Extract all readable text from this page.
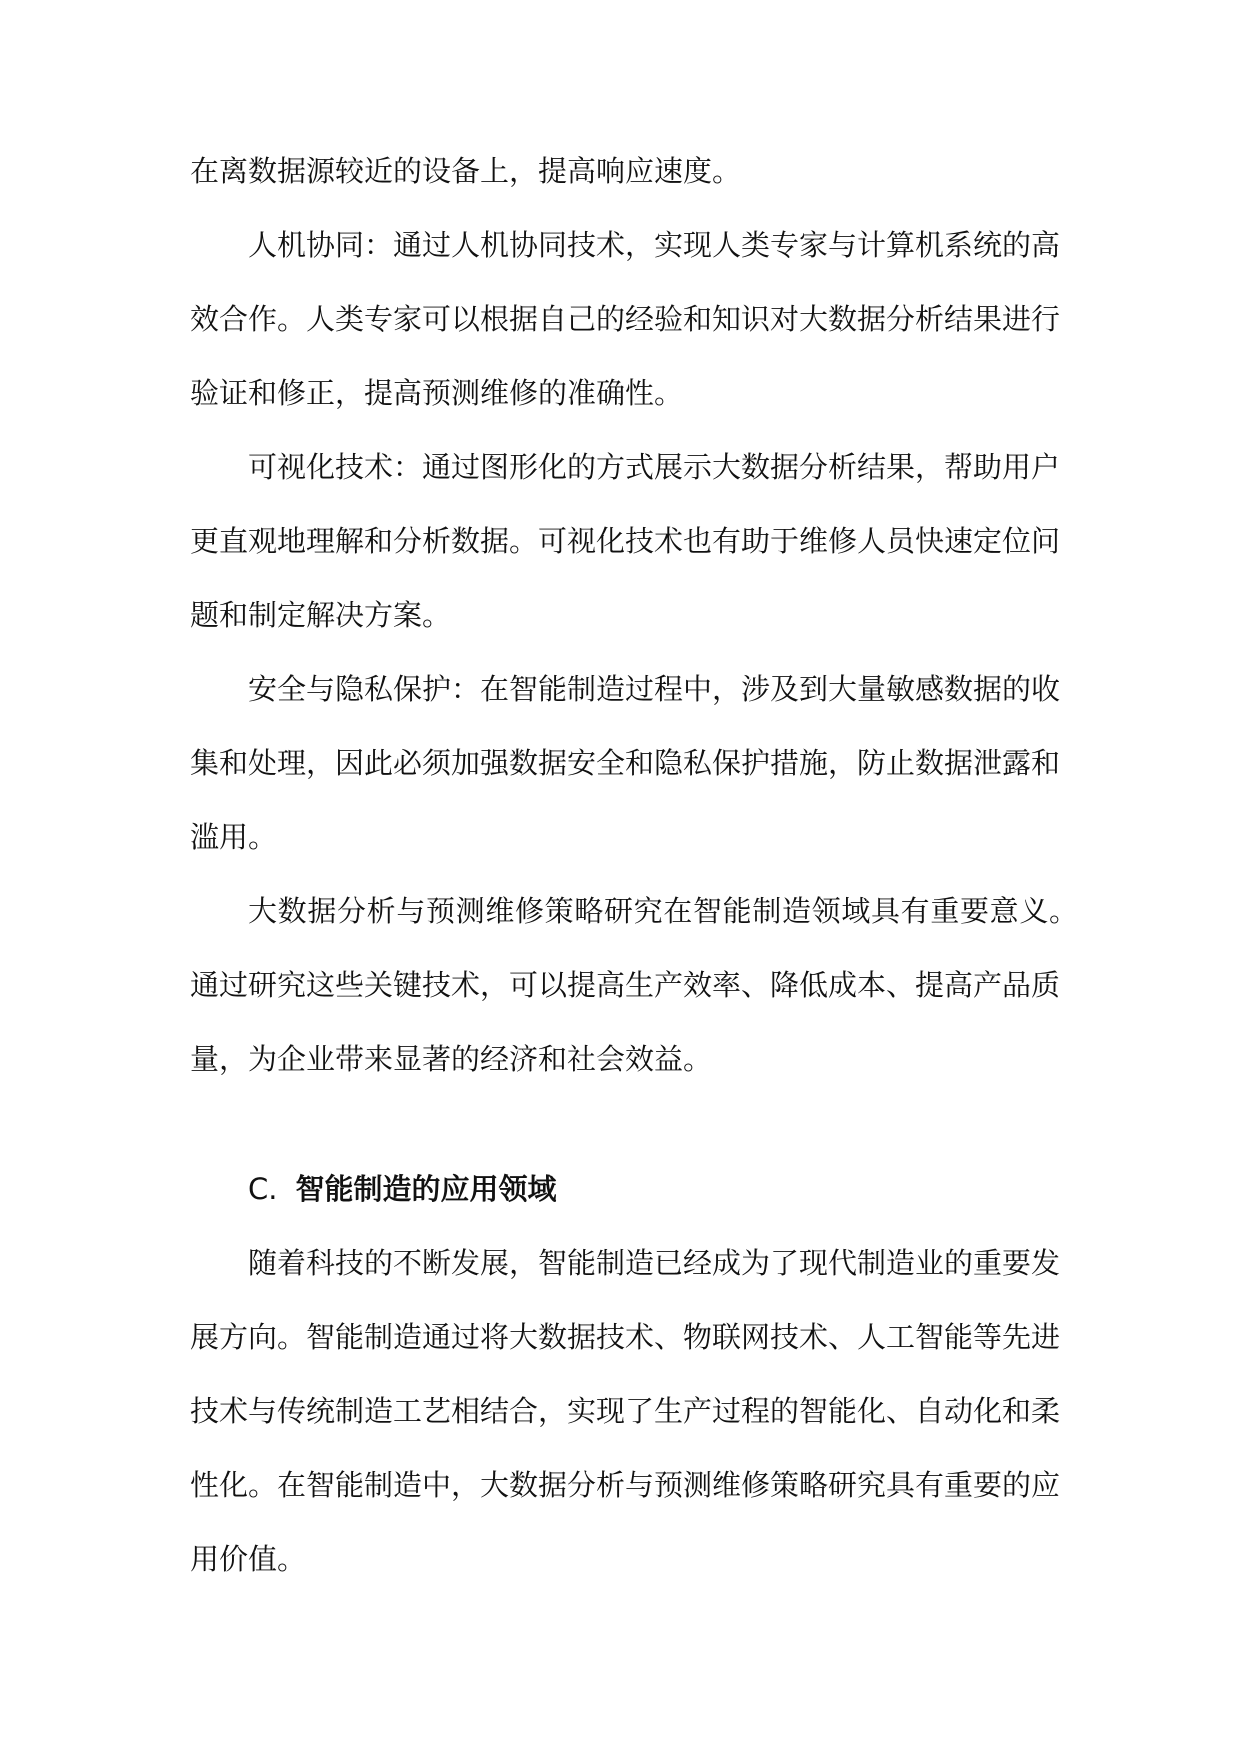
在离数据源较近的设备上，提高响应速度。
人机协同：通过人机协同技术，实现人类专家与计算机系统的高
效合作。人类专家可以根据自己的经验和知识对大数据分析结果进行
验证和修正，提高预测维修的准确性。
可视化技术：通过图形化的方式展示大数据分析结果，帮助用户
更直观地理解和分析数据。可视化技术也有助于维修人员快速定位问
题和制定解决方案。
安全与隐私保护：在智能制造过程中，涉及到大量敏感数据的收
集和处理，因此必须加强数据安全和隐私保护措施，防止数据泄露和
滥用。
大数据分析与预测维修策略研究在智能制造领域具有重要意义。
通过研究这些关键技术，可以提高生产效率、降低成本、提高产品质
量，为企业带来显著的经济和社会效益。
C. 智能制造的应用领域
随着科技的不断发展，智能制造已经成为了现代制造业的重要发
展方向。智能制造通过将大数据技术、物联网技术、人工智能等先进
技术与传统制造工艺相结合，实现了生产过程的智能化、自动化和柔
性化。在智能制造中，大数据分析与预测维修策略研究具有重要的应
用价值。
